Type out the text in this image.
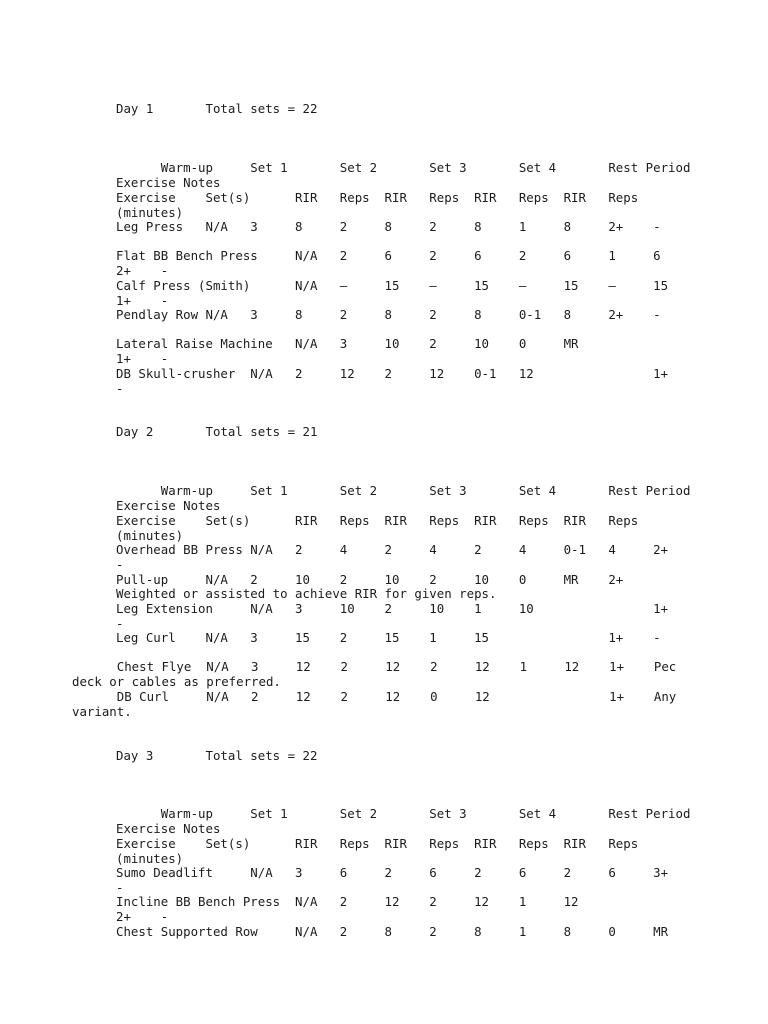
Day 1       Total sets = 22

Warm-up     Set 1       Set 2       Set 3       Set 4       Rest Period

Exercise Notes

Exercise    Set(s)      RIR   Reps  RIR   Reps  RIR   Reps  RIR   Reps

(minutes)

Leg Press   N/A   3     8     2     8     2     8     1     8     2+    -

Flat BB Bench Press     N/A   2     6     2     6     2     6     1     6

2+    -

Calf Press (Smith)      N/A   –     15    –     15    –     15    –     15

1+    -

Pendlay Row N/A   3     8     2     8     2     8     0-1   8     2+    -

Lateral Raise Machine   N/A   3     10    2     10    0     MR

1+    -

DB Skull-crusher  N/A   2     12    2     12    0-1   12                1+

-

Day 2       Total sets = 21

Warm-up     Set 1       Set 2       Set 3       Set 4       Rest Period

Exercise Notes

Exercise    Set(s)      RIR   Reps  RIR   Reps  RIR   Reps  RIR   Reps

(minutes)

Overhead BB Press N/A   2     4     2     4     2     4     0-1   4     2+

-

Pull-up     N/A   2     10    2     10    2     10    0     MR    2+

Weighted or assisted to achieve RIR for given reps.

Leg Extension     N/A   3     10    2     10    1     10                1+

-

Leg Curl    N/A   3     15    2     15    1     15                1+    -

Chest Flye  N/A   3     12    2     12    2     12    1     12    1+    Pec

deck or cables as preferred.

DB Curl     N/A   2     12    2     12    0     12                1+    Any

variant.

Day 3       Total sets = 22

Warm-up     Set 1       Set 2       Set 3       Set 4       Rest Period

Exercise Notes

Exercise    Set(s)      RIR   Reps  RIR   Reps  RIR   Reps  RIR   Reps

(minutes)

Sumo Deadlift     N/A   3     6     2     6     2     6     2     6     3+

-

Incline BB Bench Press  N/A   2     12    2     12    1     12

2+    -

Chest Supported Row     N/A   2     8     2     8     1     8     0     MR
